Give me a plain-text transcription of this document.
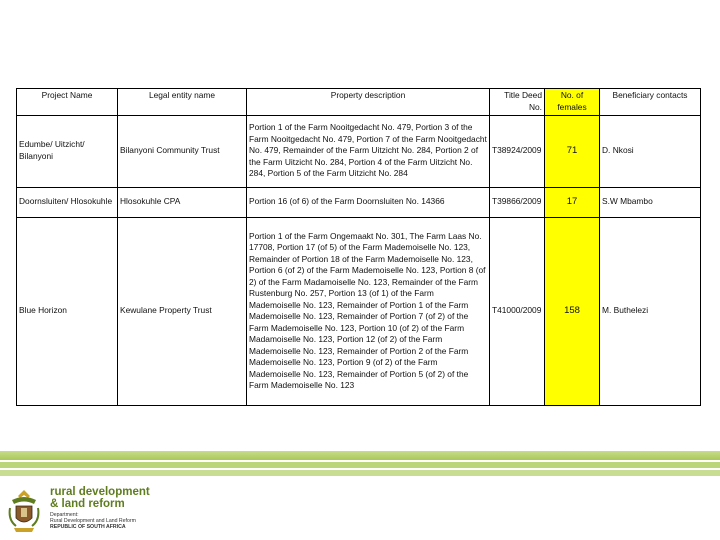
Project Name	Legal entity name	Property description	Title Deed No.	No. of females	Beneficiary contacts
Edumbe/ Uitzicht/ Bilanyoni	Bilanyoni Community Trust	Portion 1 of the Farm Nooitgedacht No. 479, Portion 3 of the Farm Nooitgedacht No. 479, Portion 7 of the Farm Nooitgedacht No. 479, Remainder of the Farm Uitzicht No. 284, Portion 2 of the Farm Uitzicht No. 284, Portion 4 of the Farm Uitzicht No. 284, Portion 5 of the Farm Uitzicht No. 284	T38924/2009	71	D. Nkosi
Doornsluiten/ Hlosokuhle	Hlosokuhle CPA	Portion 16 (of 6) of the Farm Doornsluiten No. 14366	T39866/2009	17	S.W Mbambo
Blue Horizon	Kewulane Property Trust	Portion 1 of the Farm Ongemaakt No. 301, The Farm Laas No. 17708, Portion 17 (of 5) of the Farm Mademoiselle No. 123, Remainder of Portion 18 of the Farm Mademoiselle No. 123, Portion 6 (of 2) of the Farm Mademoiselle No. 123, Portion 8 (of 2) of the Farm Madamoiselle No. 123, Remainder of the Farm Rustenburg No. 257, Portion 13 (of 1) of the Farm Mademoiselle No. 123, Remainder of Portion 1 of the Farm Mademoiselle No. 123, Remainder of Portion 7 (of 2) of the Farm Mademoiselle No. 123, Portion 10 (of 2) of the Farm Madamoiselle No. 123, Portion 12 (of 2) of the Farm Mademoiselle No. 123, Remainder of Portion 2 of the Farm Mademoiselle No. 123, Portion 9 (of 2) of the Farm Mademoiselle No. 123, Remainder of Portion 5 (of 2) of the Farm Mademoiselle No. 123	T41000/2009	158	M. Buthelezi
rural development
& land reform
Department:
Rural Development and Land Reform
REPUBLIC OF SOUTH AFRICA
